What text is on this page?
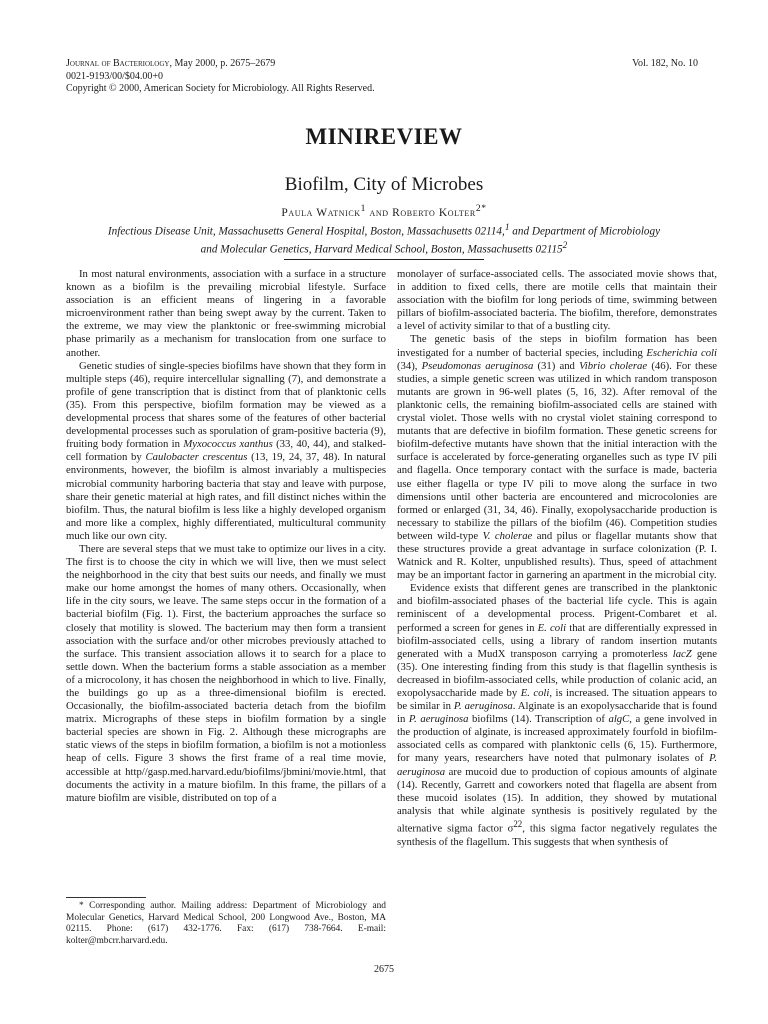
Journal of Bacteriology, May 2000, p. 2675–2679
0021-9193/00/$04.00+0
Copyright © 2000, American Society for Microbiology. All Rights Reserved.
Vol. 182, No. 10
MINIREVIEW
Biofilm, City of Microbes
Paula Watnick$^1$ and Roberto Kolter$^{2*}$
Infectious Disease Unit, Massachusetts General Hospital, Boston, Massachusetts 02114,$^1$ and Department of Microbiology and Molecular Genetics, Harvard Medical School, Boston, Massachusetts 02115$^2$

In most natural environments, association with a surface in a structure known as a biofilm is the prevailing microbial lifestyle. Surface association is an efficient means of lingering in a favorable microenvironment rather than being swept away by the current. Taken to the extreme, we may view the planktonic or free-swimming microbial phase primarily as a mechanism for translocation from one surface to another.

Genetic studies of single-species biofilms have shown that they form in multiple steps (46), require intercellular signalling (7), and demonstrate a profile of gene transcription that is distinct from that of planktonic cells (35). From this perspective, biofilm formation may be viewed as a developmental process that shares some of the features of other bacterial developmental processes such as sporulation of gram-positive bacteria (9), fruiting body formation in Myxococcus xanthus (33, 40, 44), and stalked-cell formation by Caulobacter crescentus (13, 19, 24, 37, 48). In natural environments, however, the biofilm is almost invariably a multispecies microbial community harboring bacteria that stay and leave with purpose, share their genetic material at high rates, and fill distinct niches within the biofilm. Thus, the natural biofilm is less like a highly developed organism and more like a complex, highly differentiated, multicultural community much like our own city.

There are several steps that we must take to optimize our lives in a city. The first is to choose the city in which we will live, then we must select the neighborhood in the city that best suits our needs, and finally we must make our home amongst the homes of many others. Occasionally, when life in the city sours, we leave. The same steps occur in the formation of a bacterial biofilm (Fig. 1). First, the bacterium approaches the surface so closely that motility is slowed. The bacterium may then form a transient association with the surface and/or other microbes previously attached to the surface. This transient association allows it to search for a place to settle down. When the bacterium forms a stable association as a member of a microcolony, it has chosen the neighborhood in which to live. Finally, the buildings go up as a three-dimensional biofilm is erected. Occasionally, the biofilm-associated bacteria detach from the biofilm matrix. Micrographs of these steps in biofilm formation by a single bacterial species are shown in Fig. 2. Although these micrographs are static views of the steps in biofilm formation, a biofilm is not a motionless heap of cells. Figure 3 shows the first frame of a real time movie, accessible at http//gasp.med.harvard.edu/biofilms/jbmini/movie.html, that documents the activity in a mature biofilm. In this frame, the pillars of a mature biofilm are visible, distributed on top of a

monolayer of surface-associated cells. The associated movie shows that, in addition to fixed cells, there are motile cells that maintain their association with the biofilm for long periods of time, swimming between pillars of biofilm-associated bacteria. The biofilm, therefore, demonstrates a level of activity similar to that of a bustling city.

The genetic basis of the steps in biofilm formation has been investigated for a number of bacterial species, including Escherichia coli (34), Pseudomonas aeruginosa (31) and Vibrio cholerae (46). For these studies, a simple genetic screen was utilized in which random transposon mutants are grown in 96-well plates (5, 16, 32). After removal of the planktonic cells, the remaining biofilm-associated cells are stained with crystal violet. Those wells with no crystal violet staining correspond to mutants that are defective in biofilm formation. These genetic screens for biofilm-defective mutants have shown that the initial interaction with the surface is accelerated by force-generating organelles such as type IV pili and flagella. Once temporary contact with the surface is made, bacteria use either flagella or type IV pili to move along the surface in two dimensions until other bacteria are encountered and microcolonies are formed or enlarged (31, 34, 46). Finally, exopolysaccharide production is necessary to stabilize the pillars of the biofilm (46). Competition studies between wild-type V. cholerae and pilus or flagellar mutants show that these structures provide a great advantage in surface colonization (P. I. Watnick and R. Kolter, unpublished results). Thus, speed of attachment may be an important factor in garnering an apartment in the microbial city.

Evidence exists that different genes are transcribed in the planktonic and biofilm-associated phases of the bacterial life cycle. This is again reminiscent of a developmental process. Prigent-Combaret et al. performed a screen for genes in E. coli that are differentially expressed in biofilm-associated cells, using a library of random insertion mutants generated with a MudX transposon carrying a promoterless lacZ gene (35). One interesting finding from this study is that flagellin synthesis is decreased in biofilm-associated cells, while production of colanic acid, an exopolysaccharide made by E. coli, is increased. The situation appears to be similar in P. aeruginosa. Alginate is an exopolysaccharide that is found in P. aeruginosa biofilms (14). Transcription of algC, a gene involved in the production of alginate, is increased approximately fourfold in biofilm-associated cells as compared with planktonic cells (6, 15). Furthermore, for many years, researchers have noted that pulmonary isolates of P. aeruginosa are mucoid due to production of copious amounts of alginate (14). Recently, Garrett and coworkers noted that flagella are absent from these mucoid isolates (15). In addition, they showed by mutational analysis that while alginate synthesis is positively regulated by the alternative sigma factor $\sigma^{22}$, this sigma factor negatively regulates the synthesis of the flagellum. This suggests that when synthesis of

* Corresponding author. Mailing address: Department of Microbiology and Molecular Genetics, Harvard Medical School, 200 Longwood Ave., Boston, MA 02115. Phone: (617) 432-1776. Fax: (617) 738-7664. E-mail: kolter@mbcrr.harvard.edu.
2675
